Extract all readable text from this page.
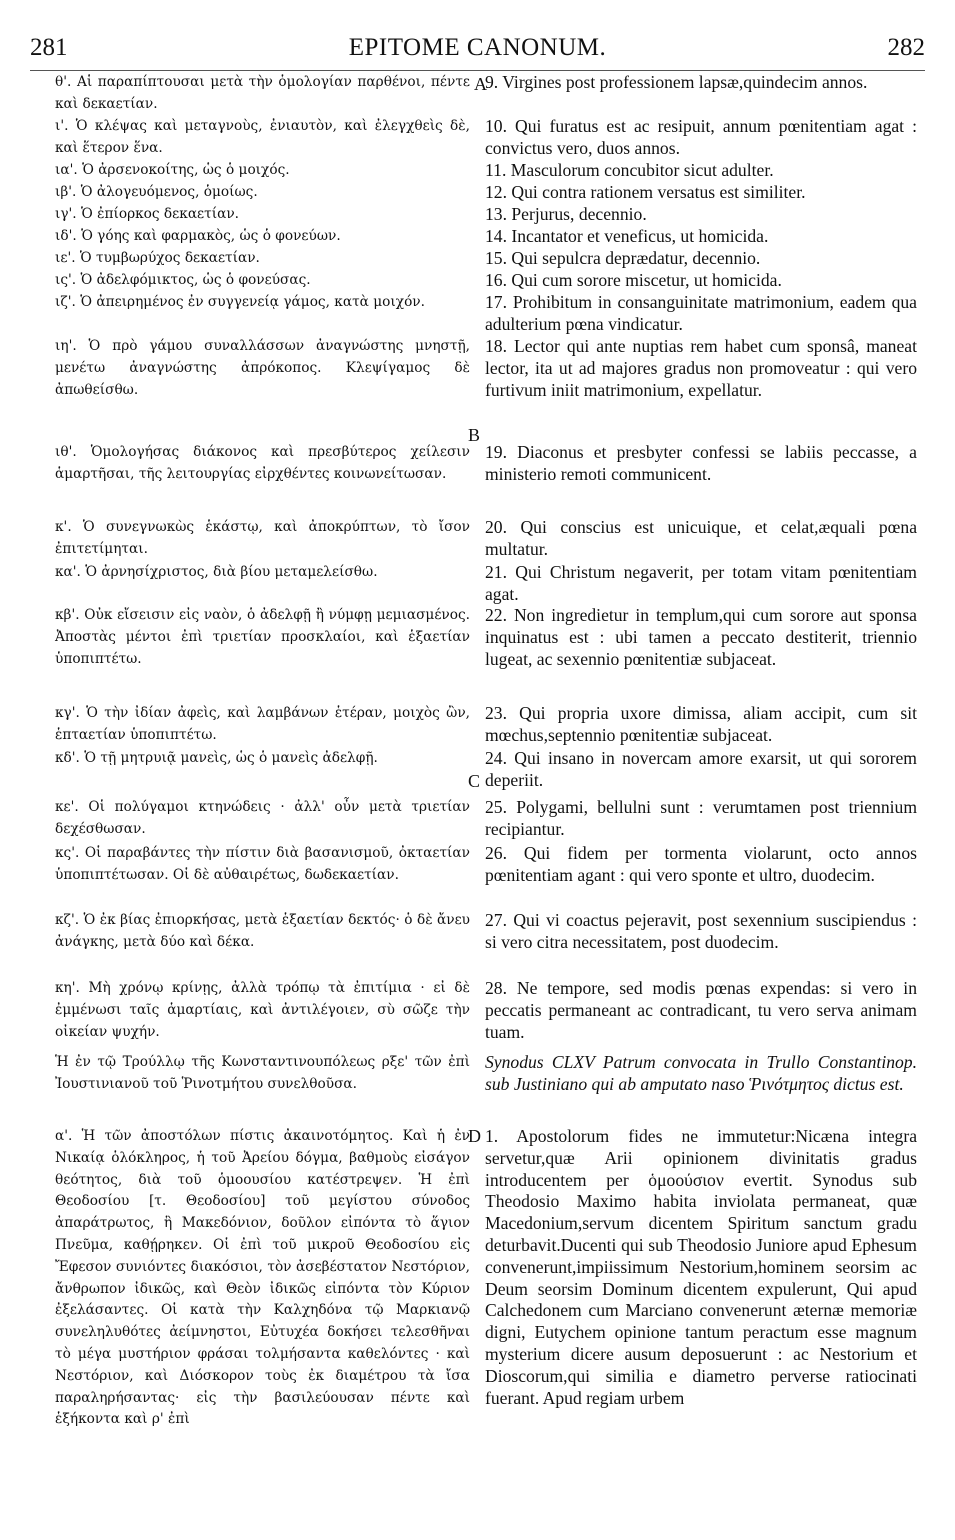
281	EPITOME CANONUM.	282
A
B
C
D
θ'. Αἱ παραπίπτουσαι μετὰ τὴν ὁμολογίαν παρθένοι, πέντε καὶ δεκαετίαν.
ι'. Ὁ κλέψας καὶ μεταγνοὺς, ἐνιαυτὸν, καὶ ἐλεγχθεὶς δὲ, καὶ ἕτερον ἕνα.
ια'. Ὁ ἀρσενοκοίτης, ὡς ὁ μοιχός.
ιβ'. Ὁ ἀλογευόμενος, ὁμοίως.
ιγ'. Ὁ ἐπίορκος δεκαετίαν.
ιδ'. Ὁ γόης καὶ φαρμακὸς, ὡς ὁ φονεύων.
ιε'. Ὁ τυμβωρύχος δεκαετίαν.
ις'. Ὁ ἀδελφόμικτος, ὡς ὁ φονεύσας.
ιζ'. Ὁ ἀπειρημένος ἐν συγγενείᾳ γάμος, κατὰ μοιχόν.
ιη'. Ὁ πρὸ γάμου συναλλάσσων ἀναγνώστης μνηστῇ, μενέτω ἀναγνώστης ἀπρόκοπος. Κλεψίγαμος δὲ ἀπωθείσθω.
ιθ'. Ὁμολογήσας διάκονος καὶ πρεσβύτερος χείλεσιν ἁμαρτῆσαι, τῆς λειτουργίας εἰρχθέντες κοινωνείτωσαν.
κ'. Ὁ συνεγνωκὼς ἑκάστῳ, καὶ ἀποκρύπτων, τὸ ἴσον ἐπιτετίμηται.
κα'. Ὁ ἀρνησίχριστος, διὰ βίου μεταμελείσθω.
κβ'. Οὐκ εἴσεισιν εἰς ναὸν, ὁ ἀδελφῇ ἢ νύμφῃ μεμιασμένος. Ἀποστὰς μέντοι ἐπὶ τριετίαν προσκλαίοι, καὶ ἑξαετίαν ὑποπιπτέτω.
κγ'. Ὁ τὴν ἰδίαν ἀφεὶς, καὶ λαμβάνων ἑτέραν, μοιχὸς ὢν, ἑπταετίαν ὑποπιπτέτω.
κδ'. Ὁ τῇ μητρυιᾷ μανεὶς, ὡς ὁ μανεὶς ἀδελφῇ.
κε'. Οἱ πολύγαμοι κτηνώδεις · ἀλλ' οὖν μετὰ τριετίαν δεχέσθωσαν.
κς'. Οἱ παραβάντες τὴν πίστιν διὰ βασανισμοῦ, ὀκταετίαν ὑποπιπτέτωσαν. Οἱ δὲ αὐθαιρέτως, δωδεκαετίαν.
κζ'. Ὁ ἐκ βίας ἐπιορκήσας, μετὰ ἑξαετίαν δεκτός· ὁ δὲ ἄνευ ἀνάγκης, μετὰ δύο καὶ δέκα.
κη'. Μὴ χρόνῳ κρίνῃς, ἀλλὰ τρόπῳ τὰ ἐπιτίμια · εἰ δὲ ἐμμένωσι ταῖς ἁμαρτίαις, καὶ ἀντιλέγοιεν, σὺ σῶζε τὴν οἰκείαν ψυχήν.
Ἡ ἐν τῷ Τρούλλῳ τῆς Κωνσταντινουπόλεως ρξε' τῶν ἐπὶ Ἰουστινιανοῦ τοῦ Ῥινοτμήτου συνελθοῦσα.
α'. Ἡ τῶν ἀποστόλων πίστις ἀκαινοτόμητος. Καὶ ἡ ἐν Νικαίᾳ ὁλόκληρος, ἡ τοῦ Ἀρείου δόγμα, βαθμοὺς εἰσάγον θεότητος, διὰ τοῦ ὁμοουσίου κατέστρεψεν. Ἡ ἐπὶ Θεοδοσίου [τ. Θεοδοσίου] τοῦ μεγίστου σύνοδος ἀπαράτρωτος, ἣ Μακεδόνιον, δοῦλον εἰπόντα τὸ ἅγιον Πνεῦμα, καθῄρηκεν. Οἱ ἐπὶ τοῦ μικροῦ Θεοδοσίου εἰς Ἔφεσον συνιόντες διακόσιοι, τὸν ἀσεβέστατον Νεστόριον, ἄνθρωπον ἰδικῶς, καὶ Θεὸν ἰδικῶς εἰπόντα τὸν Κύριον ἐξελάσαντες. Οἱ κατὰ τὴν Καλχηδόνα τῷ Μαρκιανῷ συνεληλυθότες ἀείμνηστοι, Εὐτυχέα δοκήσει τελεσθῆναι τὸ μέγα μυστήριον φράσαι τολμήσαντα καθελόντες · καὶ Νεστόριον, καὶ Διόσκορον τοὺς ἐκ διαμέτρου τὰ ἴσα παραληρήσαντας· εἰς τὴν βασιλεύουσαν πέντε καὶ ἑξήκοντα καὶ ρ' ἐπὶ
9. Virgines post professionem lapsæ,quindecim annos.
10. Qui furatus est ac resipuit, annum pœnitentiam agat : convictus vero, duos annos.
11. Masculorum concubitor sicut adulter.
12. Qui contra rationem versatus est similiter.
13. Perjurus, decennio.
14. Incantator et veneficus, ut homicida.
15. Qui sepulcra deprædatur, decennio.
16. Qui cum sorore miscetur, ut homicida.
17. Prohibitum in consanguinitate matrimonium, eadem qua adulterium pœna vindicatur.
18. Lector qui ante nuptias rem habet cum sponsâ, maneat lector, ita ut ad majores gradus non promoveatur : qui vero furtivum iniit matrimonium, expellatur.
19. Diaconus et presbyter confessi se labiis peccasse, a ministerio remoti communicent.
20. Qui conscius est unicuique, et celat,æquali pœna multatur.
21. Qui Christum negaverit, per totam vitam pœnitentiam agat.
22. Non ingredietur in templum,qui cum sorore aut sponsa inquinatus est : ubi tamen a peccato destiterit, triennio lugeat, ac sexennio pœnitentiæ subjaceat.
23. Qui propria uxore dimissa, aliam accipit, cum sit mœchus,septennio pœnitentiæ subjaceat.
24. Qui insano in novercam amore exarsit, ut qui sororem deperiit.
25. Polygami, bellulni sunt : verumtamen post triennium recipiantur.
26. Qui fidem per tormenta violarunt, octo annos pœnitentiam agant : qui vero sponte et ultro, duodecim.
27. Qui vi coactus pejeravit, post sexennium suscipiendus : si vero citra necessitatem, post duodecim.
28. Ne tempore, sed modis pœnas expendas: si vero in peccatis permaneant ac contradicant, tu vero serva animam tuam.
Synodus CLXV Patrum convocata in Trullo Constantinop. sub Justiniano qui ab amputato naso Ῥινότμητος dictus est.
1. Apostolorum fides ne immutetur:Nicæna integra servetur,quæ Arii opinionem divinitatis gradus introducentem per ὁμοούσιον evertit. Synodus sub Theodosio Maximo habita inviolata permaneat, quæ Macedonium,servum dicentem Spiritum sanctum gradu deturbavit.Ducenti qui sub Theodosio Juniore apud Ephesum convenerunt,impiissimum Nestorium,hominem seorsim ac Deum seorsim Dominum dicentem expulerunt, Qui apud Calchedonem cum Marciano convenerunt æternæ memoriæ digni, Eutychem opinione tantum peractum esse magnum mysterium dicere ausum deposuerunt : ac Nestorium et Dioscorum,qui similia e diametro perverse ratiocinati fuerant. Apud regiam urbem
